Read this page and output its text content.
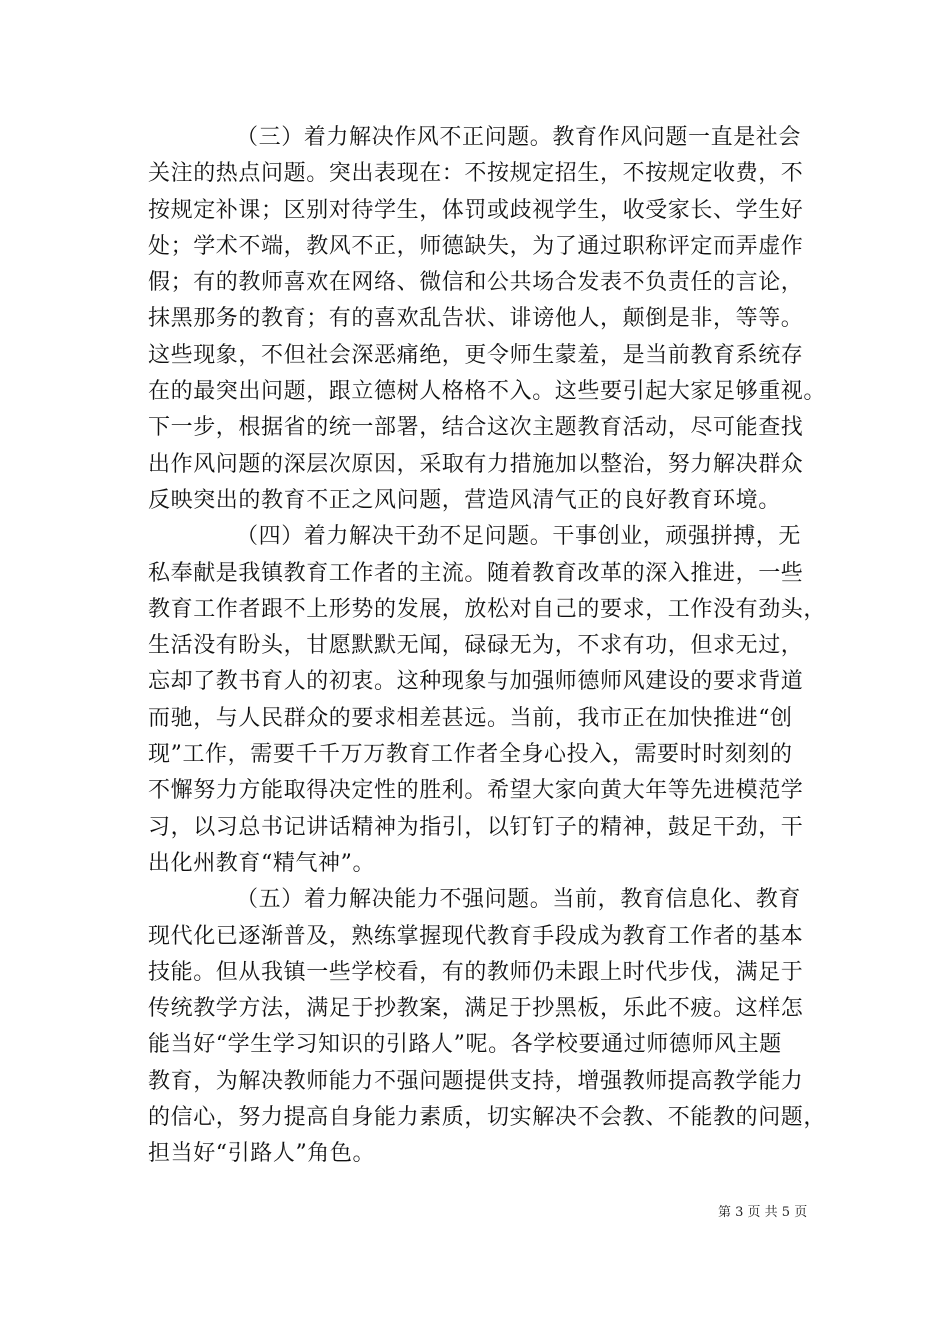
（三）着力解决作风不正问题。教育作风问题一直是社会
关注的热点问题。突出表现在：不按规定招生，不按规定收费，不
按规定补课；区别对待学生，体罚或歧视学生，收受家长、学生好
处；学术不端，教风不正，师德缺失，为了通过职称评定而弄虚作
假；有的教师喜欢在网络、微信和公共场合发表不负责任的言论，
抹黑那务的教育；有的喜欢乱告状、诽谤他人，颠倒是非，等等。
这些现象，不但社会深恶痛绝，更令师生蒙羞，是当前教育系统存
在的最突出问题，跟立德树人格格不入。这些要引起大家足够重视。
下一步，根据省的统一部署，结合这次主题教育活动，尽可能查找
出作风问题的深层次原因，采取有力措施加以整治，努力解决群众
反映突出的教育不正之风问题，营造风清气正的良好教育环境。
（四）着力解决干劲不足问题。干事创业，顽强拼搏，无
私奉献是我镇教育工作者的主流。随着教育改革的深入推进，一些
教育工作者跟不上形势的发展，放松对自己的要求，工作没有劲头，
生活没有盼头，甘愿默默无闻，碌碌无为，不求有功，但求无过，
忘却了教书育人的初衷。这种现象与加强师德师风建设的要求背道
而驰，与人民群众的要求相差甚远。当前，我市正在加快推进“创
现”工作，需要千千万万教育工作者全身心投入，需要时时刻刻的
不懈努力方能取得决定性的胜利。希望大家向黄大年等先进模范学
习，以习总书记讲话精神为指引，以钉钉子的精神，鼓足干劲，干
出化州教育“精气神”。
（五）着力解决能力不强问题。当前，教育信息化、教育
现代化已逐渐普及，熟练掌握现代教育手段成为教育工作者的基本
技能。但从我镇一些学校看，有的教师仍未跟上时代步伐，满足于
传统教学方法，满足于抄教案，满足于抄黑板，乐此不疲。这样怎
能当好“学生学习知识的引路人”呢。各学校要通过师德师风主题
教育，为解决教师能力不强问题提供支持，增强教师提高教学能力
的信心，努力提高自身能力素质，切实解决不会教、不能教的问题，
担当好“引路人”角色。
第 3 页 共 5 页
